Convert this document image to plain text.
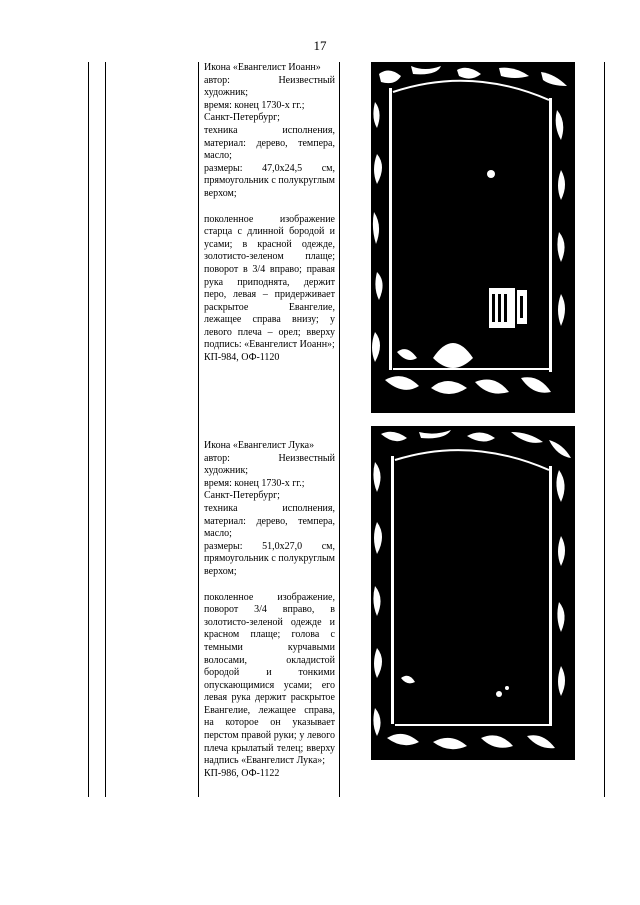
17

Икона «Евангелист Иоанн»

автор: Неизвестный художник;

время: конец 1730-х гг.;

Санкт-Петербург;

техника исполнения, материал: дерево, темпера, масло;

размеры: 47,0х24,5 см, прямоугольник с полукруглым верхом;

поколенное изображение старца с длинной бородой и усами; в красной одежде, золотисто-зеленом плаще; поворот в 3/4 вправо; правая рука приподнята, держит перо, левая – придерживает раскрытое Евангелие, лежащее справа внизу; у левого плеча – орел; вверху подпись: «Евангелист Иоанн»;

КП-984, ОФ-1120

Икона «Евангелист Лука»

автор: Неизвестный художник;

время: конец 1730-х гг.;

Санкт-Петербург;

техника исполнения, материал: дерево, темпера, масло;

размеры: 51,0х27,0 см, прямоугольник с полукруглым верхом;

поколенное изображение, поворот 3/4 вправо, в золотисто-зеленой одежде и красном плаще; голова с темными курчавыми волосами, окладистой бородой и тонкими опускающимися усами; его левая рука держит раскрытое Евангелие, лежащее справа, на которое он указывает перстом правой руки; у левого плеча крылатый телец; вверху надпись «Евангелист Лука»;

КП-986, ОФ-1122
